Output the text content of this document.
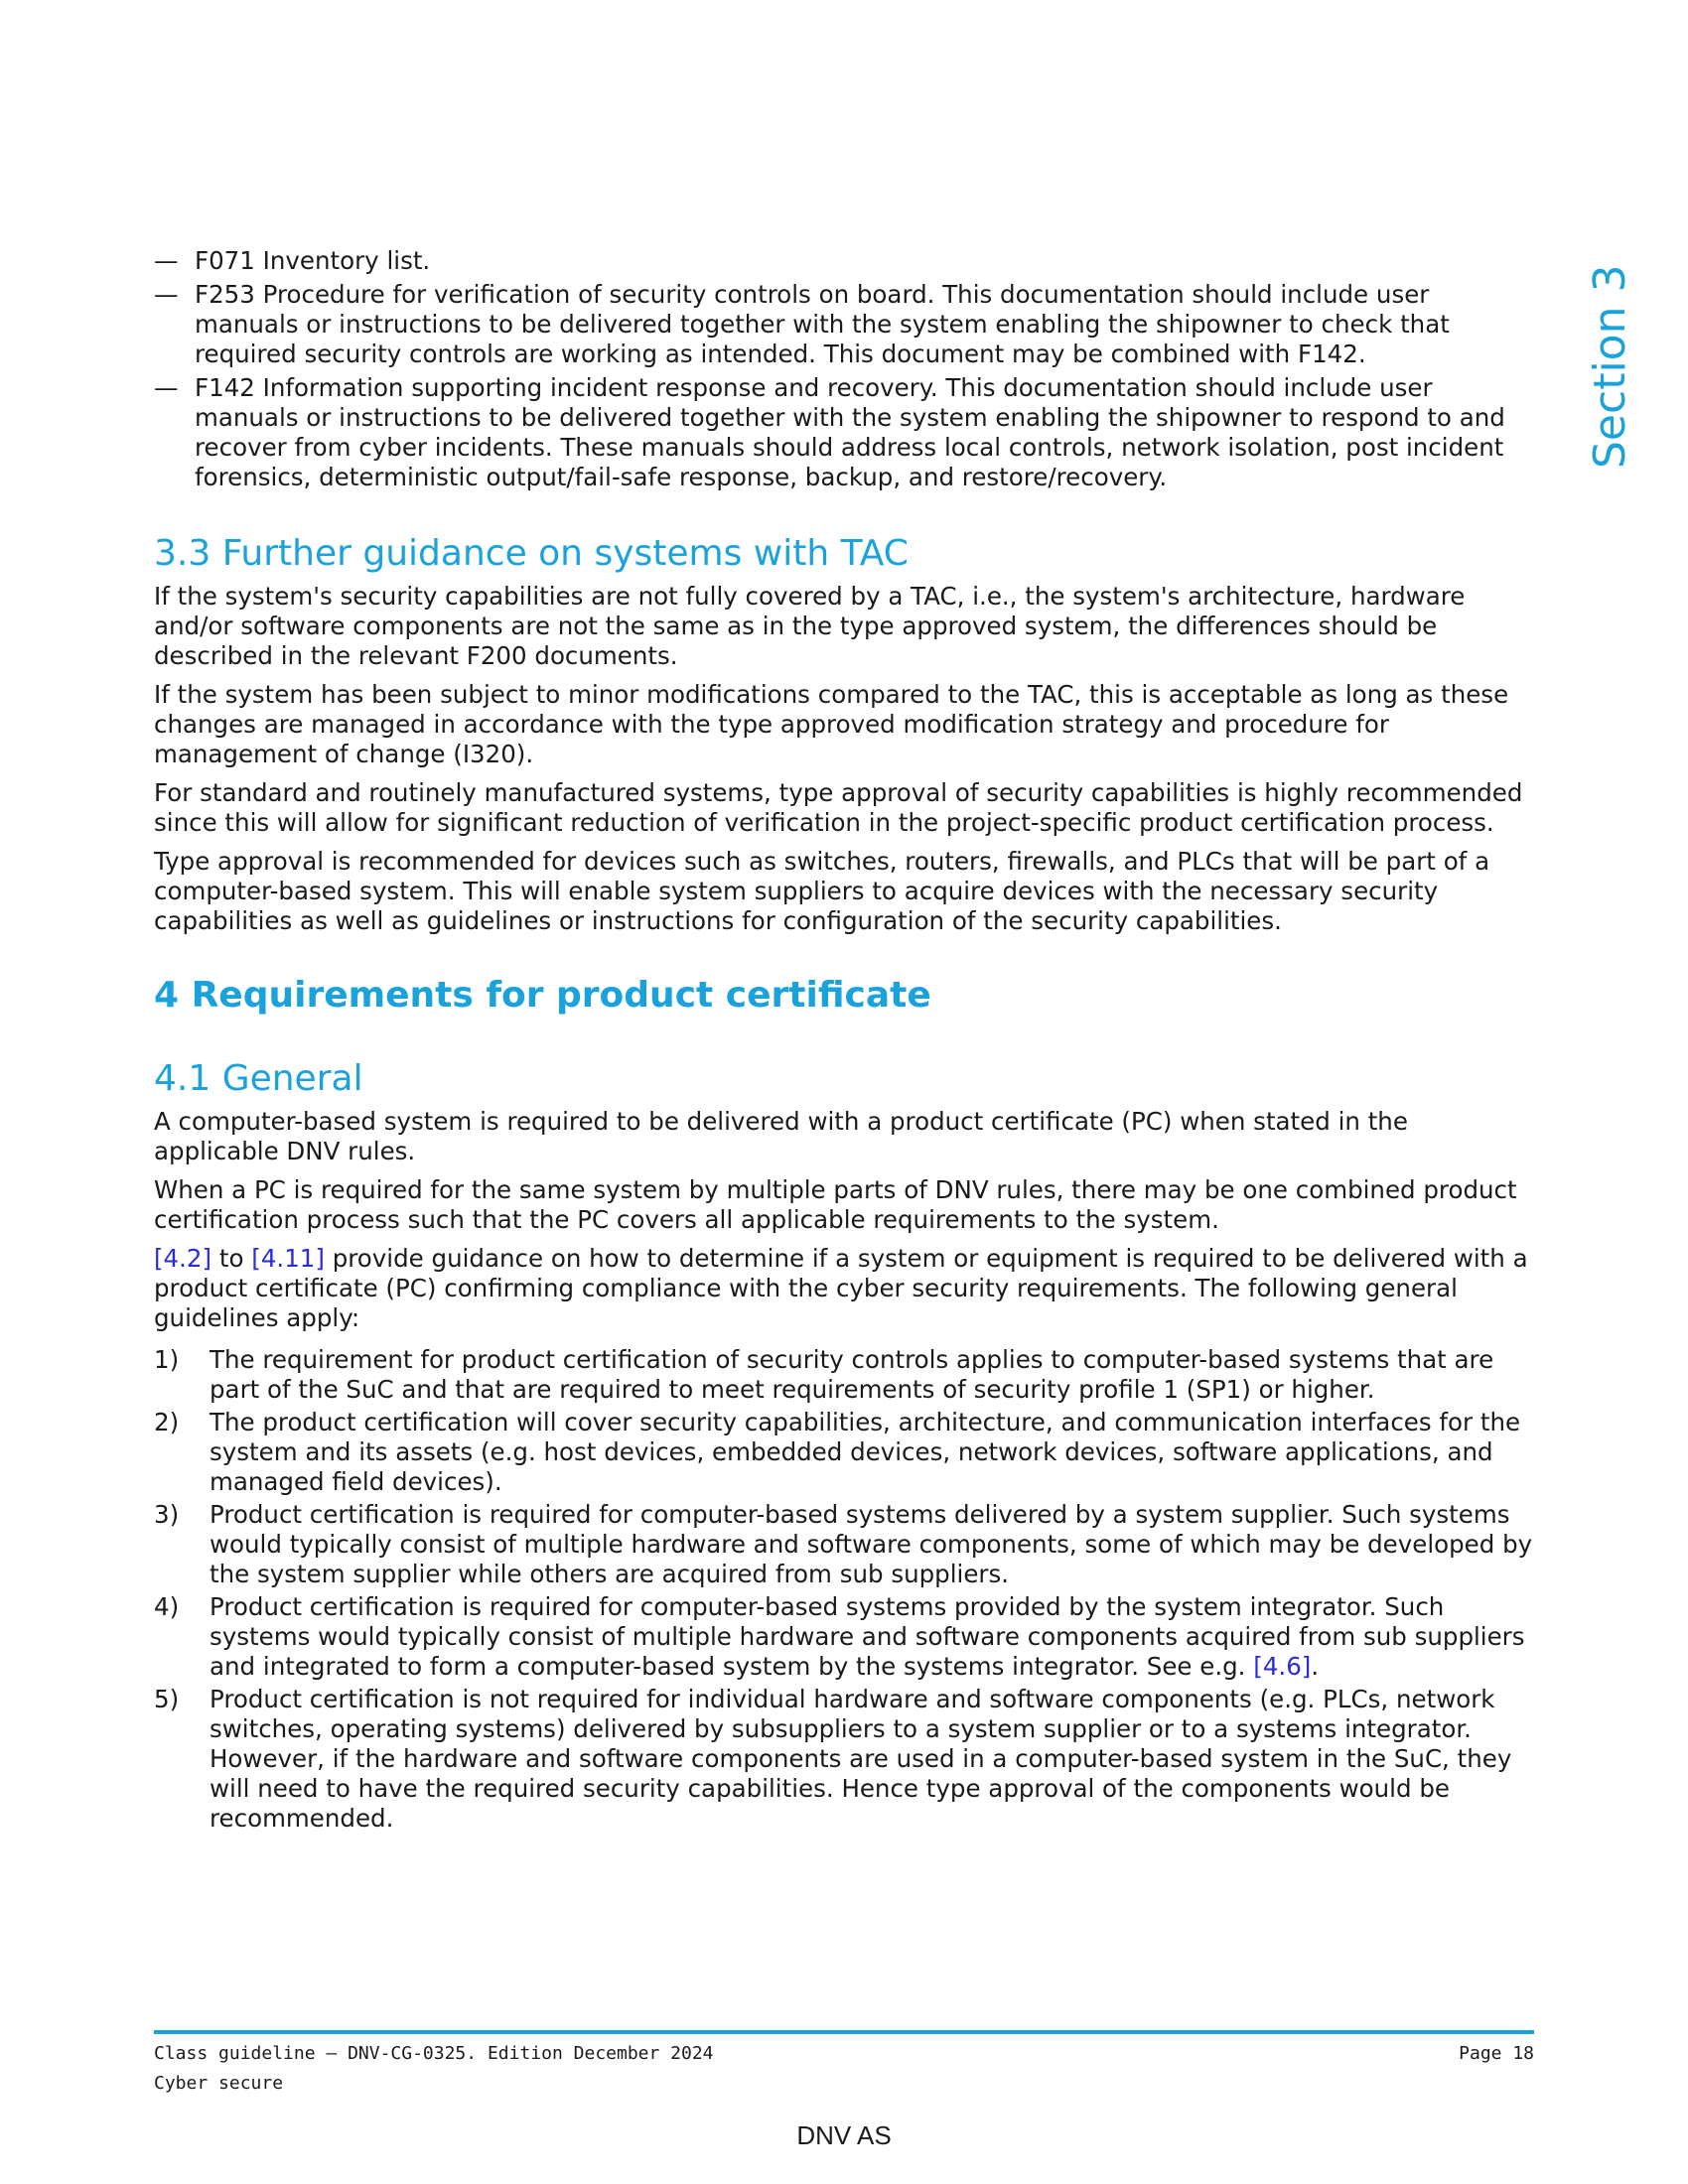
Section 3
— F071 Inventory list.
— F253 Procedure for verification of security controls on board. This documentation should include user manuals or instructions to be delivered together with the system enabling the shipowner to check that required security controls are working as intended. This document may be combined with F142.
— F142 Information supporting incident response and recovery. This documentation should include user manuals or instructions to be delivered together with the system enabling the shipowner to respond to and recover from cyber incidents. These manuals should address local controls, network isolation, post incident forensics, deterministic output/fail-safe response, backup, and restore/recovery.
3.3 Further guidance on systems with TAC

If the system's security capabilities are not fully covered by a TAC, i.e., the system's architecture, hardware and/or software components are not the same as in the type approved system, the differences should be described in the relevant F200 documents.

If the system has been subject to minor modifications compared to the TAC, this is acceptable as long as these changes are managed in accordance with the type approved modification strategy and procedure for management of change (I320).

For standard and routinely manufactured systems, type approval of security capabilities is highly recommended since this will allow for significant reduction of verification in the project-specific product certification process.

Type approval is recommended for devices such as switches, routers, firewalls, and PLCs that will be part of a computer-based system. This will enable system suppliers to acquire devices with the necessary security capabilities as well as guidelines or instructions for configuration of the security capabilities.

4 Requirements for product certificate
4.1 General

A computer-based system is required to be delivered with a product certificate (PC) when stated in the applicable DNV rules.

When a PC is required for the same system by multiple parts of DNV rules, there may be one combined product certification process such that the PC covers all applicable requirements to the system.

[4.2] to [4.11] provide guidance on how to determine if a system or equipment is required to be delivered with a product certificate (PC) confirming compliance with the cyber security requirements. The following general guidelines apply:

1) The requirement for product certification of security controls applies to computer-based systems that are part of the SuC and that are required to meet requirements of security profile 1 (SP1) or higher.
2) The product certification will cover security capabilities, architecture, and communication interfaces for the system and its assets (e.g. host devices, embedded devices, network devices, software applications, and managed field devices).
3) Product certification is required for computer-based systems delivered by a system supplier. Such systems would typically consist of multiple hardware and software components, some of which may be developed by the system supplier while others are acquired from sub suppliers.
4) Product certification is required for computer-based systems provided by the system integrator. Such systems would typically consist of multiple hardware and software components acquired from sub suppliers and integrated to form a computer-based system by the systems integrator. See e.g. [4.6].
5) Product certification is not required for individual hardware and software components (e.g. PLCs, network switches, operating systems) delivered by subsuppliers to a system supplier or to a systems integrator. However, if the hardware and software components are used in a computer-based system in the SuC, they will need to have the required security capabilities. Hence type approval of the components would be recommended.
Class guideline — DNV-CG-0325. Edition December 2024
Cyber secure
Page 18
DNV AS
